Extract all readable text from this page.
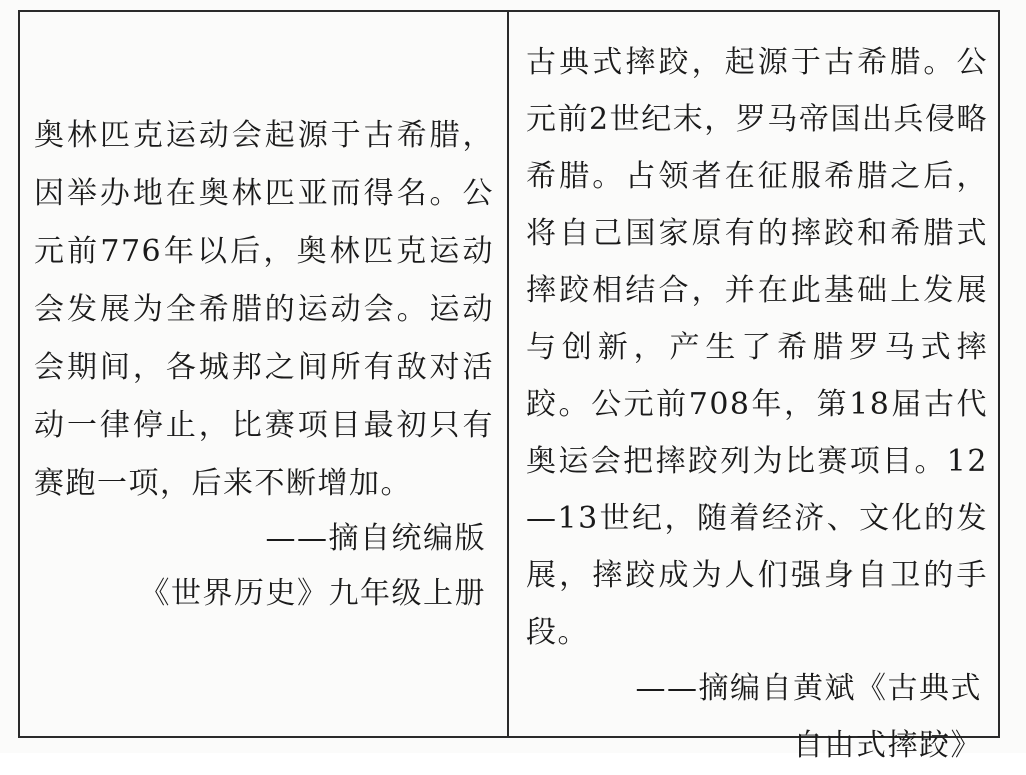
奥林匹克运动会起源于古希腊，因举办地在奥林匹亚而得名。公元前776年以后，奥林匹克运动会发展为全希腊的运动会。运动会期间，各城邦之间所有敌对活动一律停止，比赛项目最初只有赛跑一项，后来不断增加。

——摘自统编版

《世界历史》九年级上册

古典式摔跤，起源于古希腊。公元前2世纪末，罗马帝国出兵侵略希腊。占领者在征服希腊之后，将自己国家原有的摔跤和希腊式摔跤相结合，并在此基础上发展与创新，产生了希腊罗马式摔跤。公元前708年，第18届古代奥运会把摔跤列为比赛项目。12—13世纪，随着经济、文化的发展，摔跤成为人们强身自卫的手段。

——摘编自黄斌《古典式

自由式摔跤》
